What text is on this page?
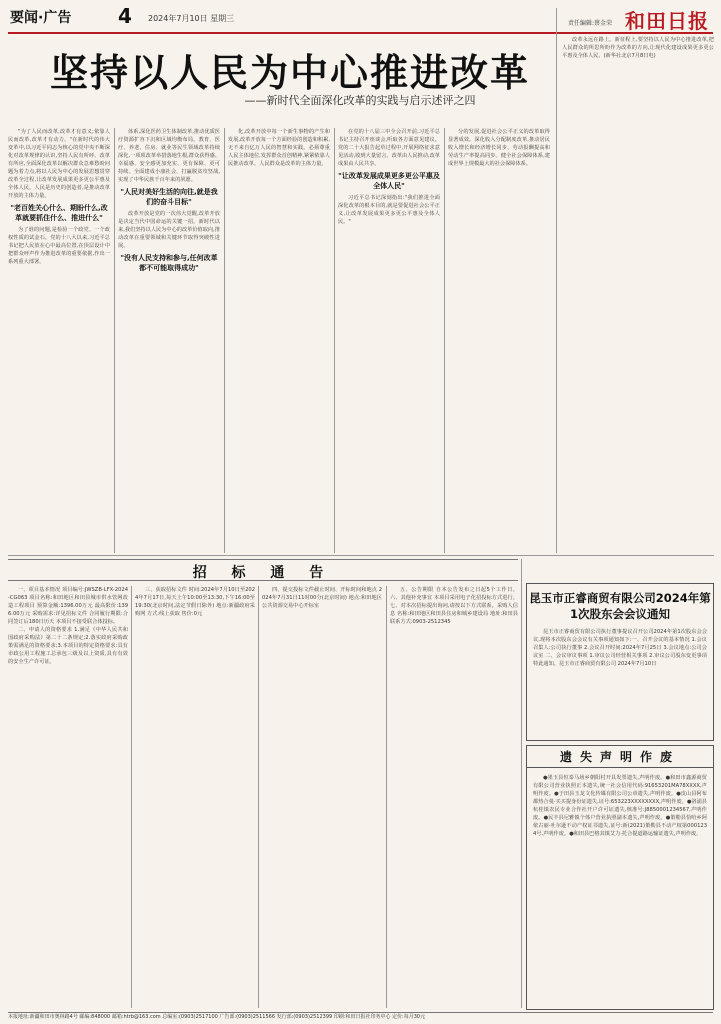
要闻·广告 4 2024年7月10日 星期三
责任编辑:蔡金荣 和田日报
坚持以人民为中心推进改革
——新时代全面深化改革的实践与启示述评之四

"为了人民而改革,改革才有意义;依靠人民而改革,改革才有动力。"在新时代的伟大变革中,以习近平同志为核心的党中央不断深化对改革规律的认识,坚持人民有所呼、改革有所应,全面深化改革以解决群众急难愁盼问题为着力点,将以人民为中心的发展思想贯穿改革全过程,让改革发展成果更多更公平惠及全体人民。人民是历史的创造者,是推动改革开放的主体力量。

"老百姓关心什么、期盼什么,改革就要抓住什么、推进什么"

为了谁的问题,是检验一个政党、一个政权性质的试金石。党的十八大以来,习近平总书记把人民放在心中最高位置,在顶层设计中把群众呼声作为推进改革的重要依据,作出一系列重大部署。

体系,深化医药卫生体制改革,推动优质医疗资源扩容下沉和区域均衡布局。教育、医疗、养老、住房、就业等民生领域改革持续深化,一项项改革举措落地生根,群众获得感、幸福感、安全感更加充实、更有保障、更可持续。全面建成小康社会、打赢脱贫攻坚战,实现了中华民族千百年来的夙愿。

"人民对美好生活的向往,就是我们的奋斗目标"

改革开放是党的一次伟大觉醒,改革开放是决定当代中国命运的关键一招。新时代以来,我们坚持以人民为中心的改革价值取向,推动改革在重要领域和关键环节取得突破性进展。

"没有人民支持和参与,任何改革都不可能取得成功"

化,改革开放中每一个新生事物的产生和发展,改革开放每一个方面经验的创造和积累,无不来自亿万人民的智慧和实践。必须尊重人民主体地位,发挥群众首创精神,紧紧依靠人民推动改革。人民群众是改革的主体力量。

在党的十八届三中全会召开前,习近平总书记主持召开座谈会,听取各方面意见建议。党的二十大报告起草过程中,开展网络征求意见活动,收到大量留言。改革由人民推动,改革成果由人民共享。

"让改革发展成果更多更公平惠及全体人民"

习近平总书记深刻指出:"我们推进全面深化改革的根本目的,就是要促进社会公平正义,让改革发展成果更多更公平惠及全体人民。"

分的发展,促进社会公平正义的改革取得显著成效。深化收入分配制度改革,推动居民收入增长和经济增长同步、劳动报酬提高和劳动生产率提高同步。健全社会保障体系,建成世界上规模最大的社会保障体系。

改革永远在路上。新征程上,要坚持以人民为中心推进改革,把人民群众的所思所盼作为改革的方向,让现代化建设成果更多更公平惠及全体人民。(新华社北京7月8日电)

招 标 通 告

一、项目基本情况 项目编号:JWSZB-LFX-2024-CG063 项目名称:和田地区和田县城市供水管网改造工程项目 预算金额:1396.00万元 最高限价:1396.00万元 采购需求:详见招标文件 合同履行期限:合同签订后180日历天 本项目不接受联合体投标。

二、申请人的资格要求 1.满足《中华人民共和国政府采购法》第二十二条规定;2.落实政府采购政策需满足的资格要求;3.本项目的特定资格要求:具有市政公用工程施工总承包三级及以上资质,具有有效的安全生产许可证。

三、获取招标文件 时间:2024年7月10日至2024年7月17日,每天上午10:00至13:30,下午16:00至19:30(北京时间,法定节假日除外) 地点:新疆政府采购网 方式:线上获取 售价:0元

四、提交投标文件截止时间、开标时间和地点 2024年7月31日11时00分(北京时间) 地点:和田地区公共资源交易中心开标室

五、公告期限 自本公告发布之日起5个工作日。六、其他补充事宜 本项目采用电子化招投标方式进行。七、对本次招标提出询问,请按以下方式联系。采购人信息 名称:和田地区和田县住房和城乡建设局 地址:和田县 联系方式:0903-2512345

昆玉市正睿商贸有限公司2024年第1次股东会会议通知

昆玉市正睿商贸有限公司执行董事提议召开公司2024年第1次股东会会议,现将本次股东会会议有关事项通知如下:一、召开会议的基本情况 1.会议召集人:公司执行董事 2.会议召开时间:2024年7月25日 3.会议地点:公司会议室 二、会议审议事项 1.审议公司经营相关事项 2.审议公司股东变更事项 特此通知。昆玉市正睿商贸有限公司 2024年7月10日

遗失声明作废

●墨玉县恒泰马场乡朝阳村开具发票遗失,声明作废。●和田市鑫源商贸有限公司营业执照正本遗失,统一社会信用代码:91653201MA78XXXX,声明作废。●于田县玉龙文化传媒有限公司公章遗失,声明作废。●皮山县阿布都热合曼·买买提身份证遗失,证号:653223XXXXXXXX,声明作废。●洛浦县杭桂镇农民专业合作社开户许可证遗失,核准号:J8850001234567,声明作废。●民丰县尼雅镇个体户营业执照副本遗失,声明作废。●策勒县恰哈乡阿依古丽·吐尔逊不动产权证书遗失,证号:新(2021)策勒县不动产权第0001234号,声明作废。●和田县巴格其镇艾力·托合提道路运输证遗失,声明作废。

本报地址:新疆和田市奥林路4号 邮编:848000 邮箱:htrb@163.com 总编室:(0903)2517100 广告部:(0903)2511566 发行部:(0903)2512399 印刷:和田日报社印务中心 定价:每月30元
